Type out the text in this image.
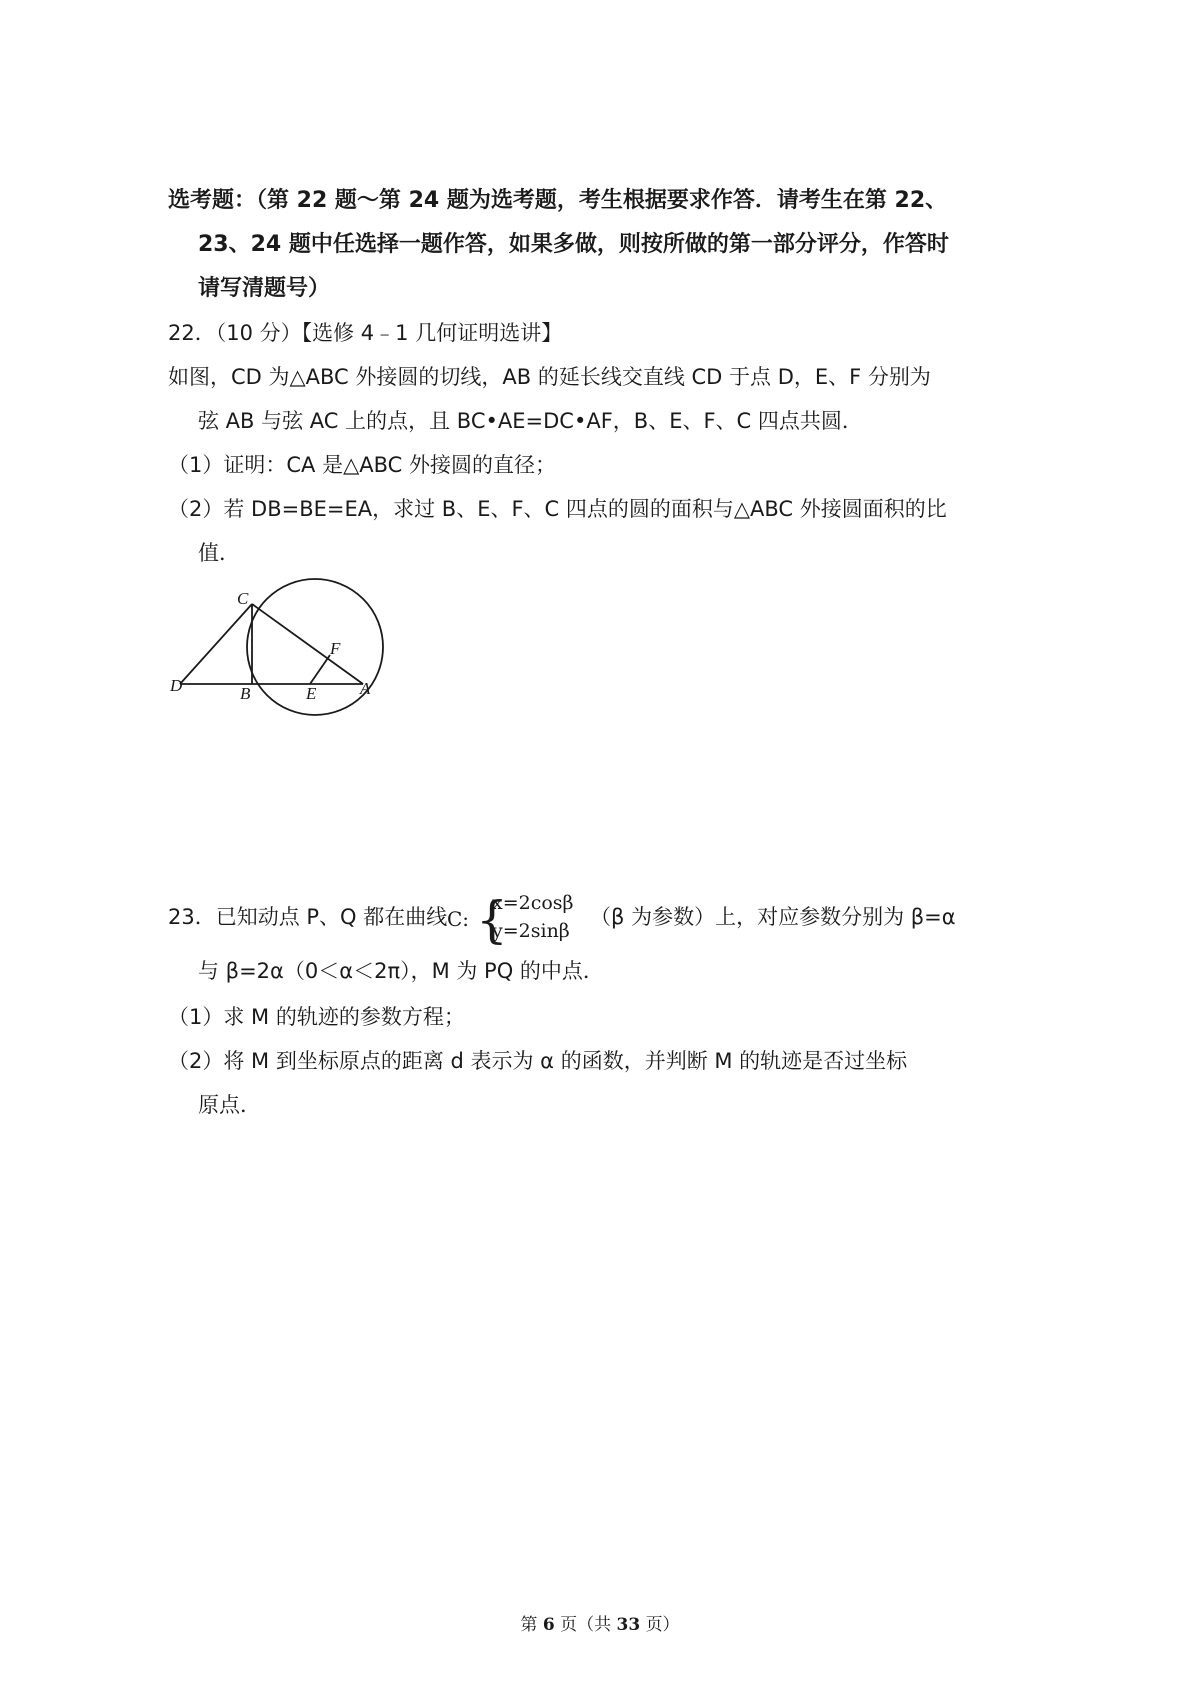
选考题：（第 22 题～第 24 题为选考题，考生根据要求作答．请考生在第 22、
23、24 题中任选择一题作答，如果多做，则按所做的第一部分评分，作答时
请写清题号）
22．（10 分）【选修 4﹣1 几何证明选讲】
如图，CD 为△ABC 外接圆的切线，AB 的延长线交直线 CD 于点 D，E、F 分别为
弦 AB 与弦 AC 上的点，且 BC•AE=DC•AF，B、E、F、C 四点共圆．
（1）证明：CA 是△ABC 外接圆的直径；
（2）若 DB=BE=EA，求过 B、E、F、C 四点的圆的面积与△ABC 外接圆面积的比
值．
C
D	B	E
F
A
23．已知动点 P、Q 都在曲线 C: {
x=2cosβ
y=2sinβ
（β 为参数）上，对应参数分别为 β=α
与 β=2α（0＜α＜2π），M 为 PQ 的中点．
（1）求 M 的轨迹的参数方程；
（2）将 M 到坐标原点的距离 d 表示为 α 的函数，并判断 M 的轨迹是否过坐标
原点．
第 6 页（共 33 页）
